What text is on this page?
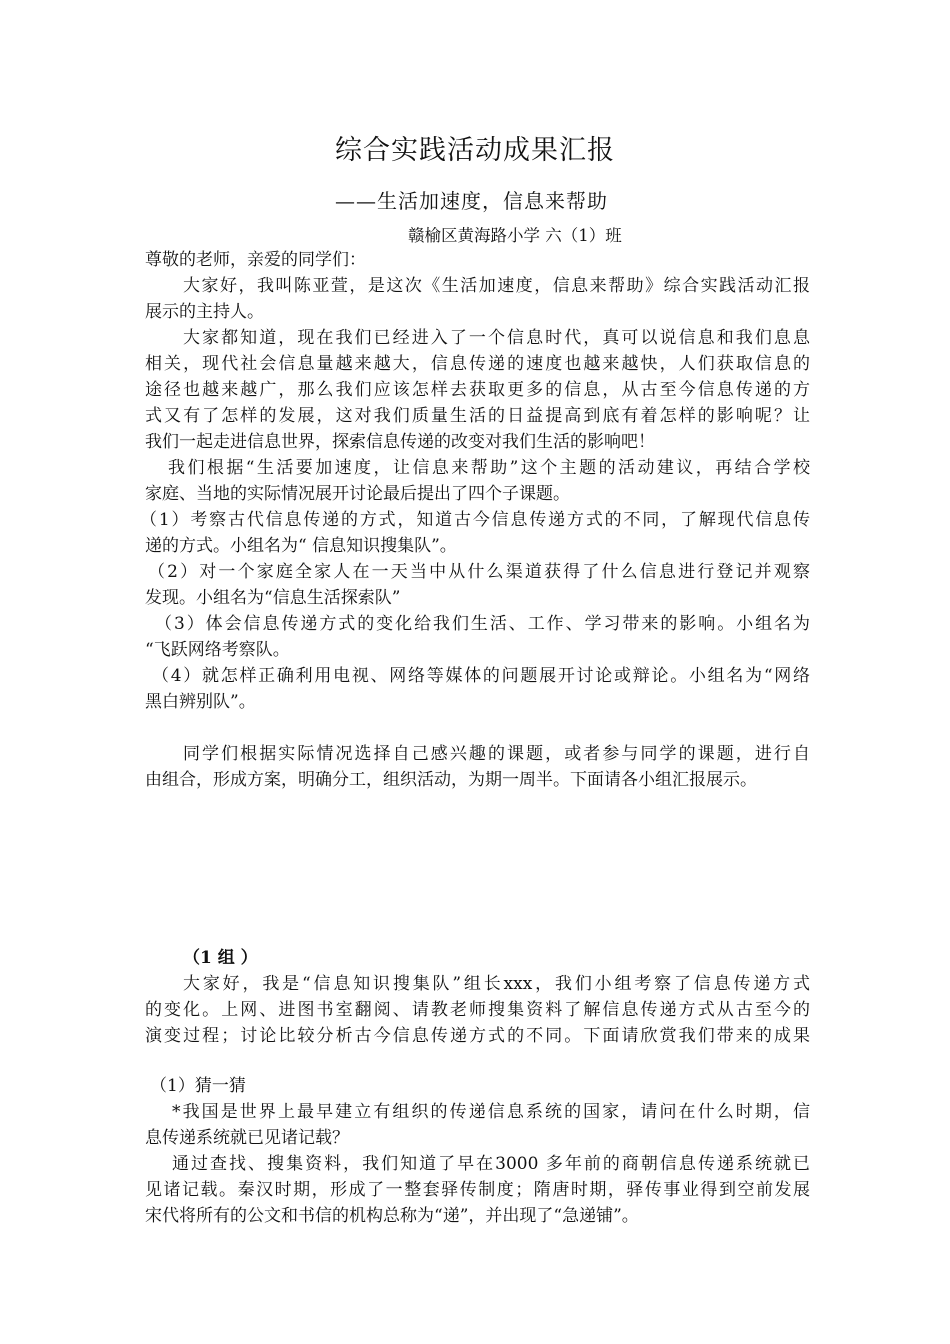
综合实践活动成果汇报
——生活加速度，信息来帮助
赣榆区黄海路小学 六（1）班
尊敬的老师，亲爱的同学们：
大家好，我叫陈亚萱，是这次《生活加速度，信息来帮助》综合实践活动汇报
展示的主持人。
大家都知道，现在我们已经进入了一个信息时代，真可以说信息和我们息息
相关，现代社会信息量越来越大，信息传递的速度也越来越快，人们获取信息的
途径也越来越广，那么我们应该怎样去获取更多的信息，从古至今信息传递的方
式又有了怎样的发展，这对我们质量生活的日益提高到底有着怎样的影响呢？让
我们一起走进信息世界，探索信息传递的改变对我们生活的影响吧！
我们根据“生活要加速度，让信息来帮助”这个主题的活动建议，再结合学校
家庭、当地的实际情况展开讨论最后提出了四个子课题。
（1）考察古代信息传递的方式，知道古今信息传递方式的不同，了解现代信息传
递的方式。小组名为“ 信息知识搜集队”。
（2）对一个家庭全家人在一天当中从什么渠道获得了什么信息进行登记并观察
发现。小组名为“信息生活探索队”
（3）体会信息传递方式的变化给我们生活、工作、学习带来的影响。小组名为
“飞跃网络考察队。
（4）就怎样正确利用电视、网络等媒体的问题展开讨论或辩论。小组名为“网络
黑白辨别队”。
同学们根据实际情况选择自己感兴趣的课题，或者参与同学的课题，进行自
由组合，形成方案，明确分工，组织活动，为期一周半。下面请各小组汇报展示。
（1 组 ）
大家好，我是“信息知识搜集队”组长xxx，我们小组考察了信息传递方式
的变化。上网、进图书室翻阅、请教老师搜集资料了解信息传递方式从古至今的
演变过程；讨论比较分析古今信息传递方式的不同。下面请欣赏我们带来的成果
（1）猜一猜
*我国是世界上最早建立有组织的传递信息系统的国家，请问在什么时期，信
息传递系统就已见诸记载？
通过查找、搜集资料，我们知道了早在3000 多年前的商朝信息传递系统就已
见诸记载。秦汉时期，形成了一整套驿传制度；隋唐时期，驿传事业得到空前发展
宋代将所有的公文和书信的机构总称为“递”，并出现了“急递铺”。
